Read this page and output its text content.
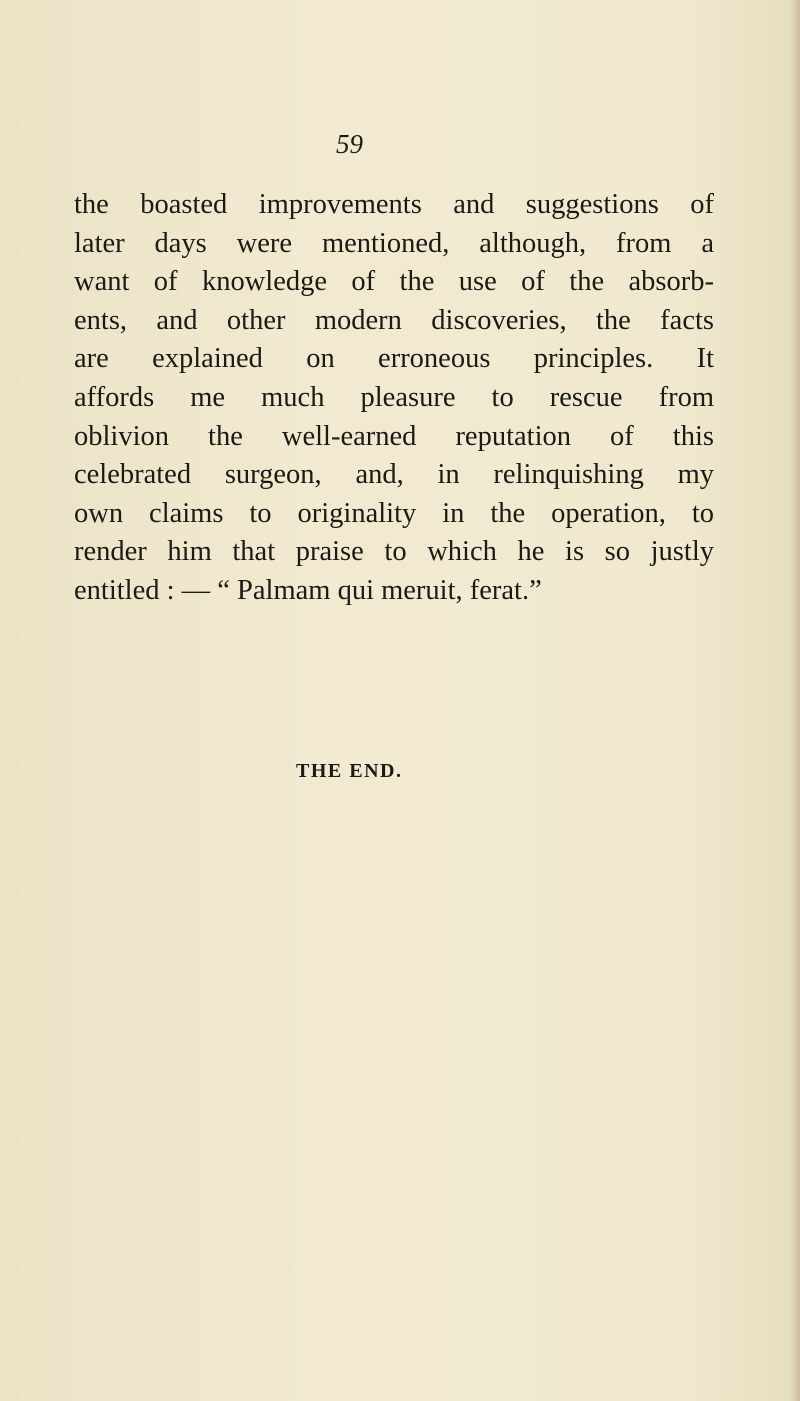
59
the boasted improvements and suggestions of
later days were mentioned, although, from a
want of knowledge of the use of the absorb-
ents, and other modern discoveries, the facts
are explained on erroneous principles. It
affords me much pleasure to rescue from
oblivion the well-earned reputation of this
celebrated surgeon, and, in relinquishing my
own claims to originality in the operation, to
render him that praise to which he is so justly
entitled : — “ Palmam qui meruit, ferat.”
THE END.
